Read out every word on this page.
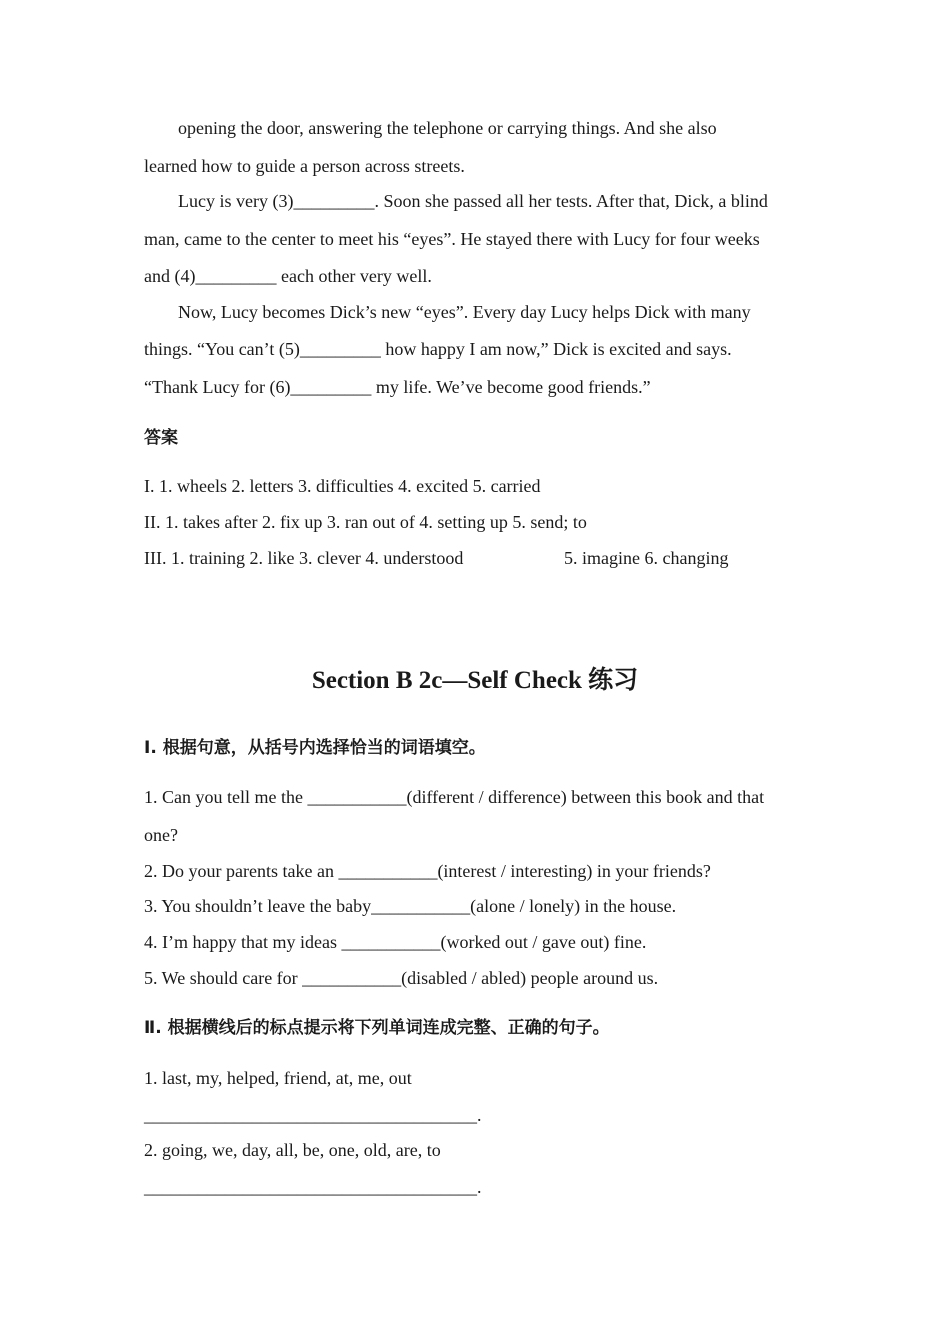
opening the door, answering the telephone or carrying things. And she also
learned how to guide a person across streets.
Lucy is very (3)_________. Soon she passed all her tests. After that, Dick, a blind
man, came to the center to meet his “eyes”. He stayed there with Lucy for four weeks
and (4)_________ each other very well.
Now, Lucy becomes Dick’s new “eyes”. Every day Lucy helps Dick with many
things. “You can’t (5)_________ how happy I am now,” Dick is excited and says.
“Thank Lucy for (6)_________ my life. We’ve become good friends.”
答案
I. 1. wheels 2. letters 3. difficulties 4. excited 5. carried
II. 1. takes after 2. fix up 3. ran out of 4. setting up 5. send; to
III. 1. training 2. like 3. clever 4. understood	5. imagine 6. changing
Section B 2c—Self Check 练习
Ⅰ. 根据句意，从括号内选择恰当的词语填空。
1. Can you tell me the ___________(different / difference) between this book and that
one?
2. Do your parents take an ___________(interest / interesting) in your friends?
3. You shouldn’t leave the baby___________(alone / lonely) in the house.
4. I’m happy that my ideas ___________(worked out / gave out) fine.
5. We should care for ___________(disabled / abled) people around us.
Ⅱ. 根据横线后的标点提示将下列单词连成完整、正确的句子。
1. last, my, helped, friend, at, me, out
_____________________________________.
2. going, we, day, all, be, one, old, are, to
_____________________________________.
